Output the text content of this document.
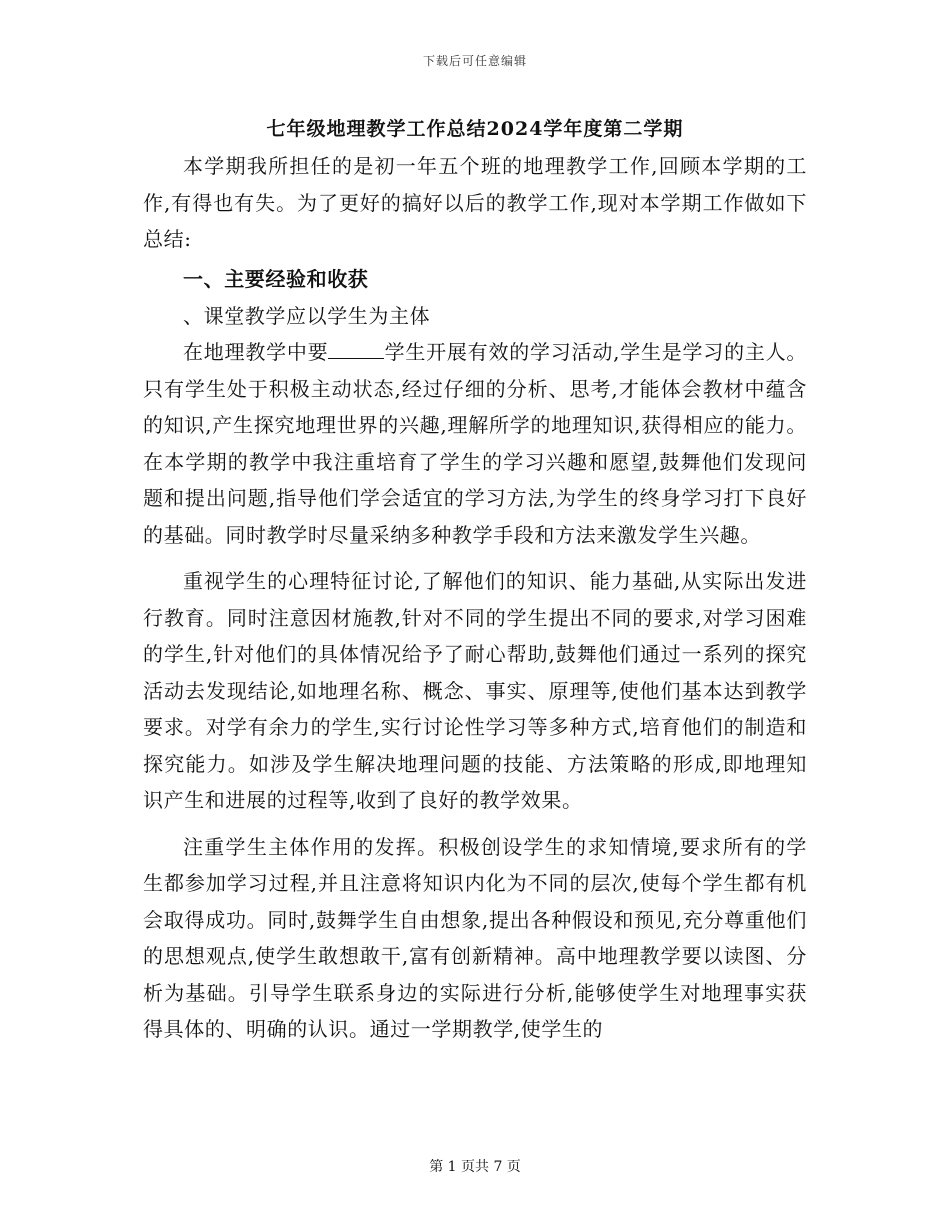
下载后可任意编辑
七年级地理教学工作总结2024学年度第二学期

本学期我所担任的是初一年五个班的地理教学工作,回顾本学期的工作,有得也有失。为了更好的搞好以后的教学工作,现对本学期工作做如下总结:

一、主要经验和收获

、课堂教学应以学生为主体

在地理教学中要	学生开展有效的学习活动,学生是学习的主人。只有学生处于积极主动状态,经过仔细的分析、思考,才能体会教材中蕴含的知识,产生探究地理世界的兴趣,理解所学的地理知识,获得相应的能力。在本学期的教学中我注重培育了学生的学习兴趣和愿望,鼓舞他们发现问题和提出问题,指导他们学会适宜的学习方法,为学生的终身学习打下良好的基础。同时教学时尽量采纳多种教学手段和方法来激发学生兴趣。

重视学生的心理特征讨论,了解他们的知识、能力基础,从实际出发进行教育。同时注意因材施教,针对不同的学生提出不同的要求,对学习困难的学生,针对他们的具体情况给予了耐心帮助,鼓舞他们通过一系列的探究活动去发现结论,如地理名称、概念、事实、原理等,使他们基本达到教学要求。对学有余力的学生,实行讨论性学习等多种方式,培育他们的制造和探究能力。如涉及学生解决地理问题的技能、方法策略的形成,即地理知识产生和进展的过程等,收到了良好的教学效果。

注重学生主体作用的发挥。积极创设学生的求知情境,要求所有的学生都参加学习过程,并且注意将知识内化为不同的层次,使每个学生都有机会取得成功。同时,鼓舞学生自由想象,提出各种假设和预见,充分尊重他们的思想观点,使学生敢想敢干,富有创新精神。高中地理教学要以读图、分析为基础。引导学生联系身边的实际进行分析,能够使学生对地理事实获得具体的、明确的认识。通过一学期教学,使学生的

第 1 页共 7 页
